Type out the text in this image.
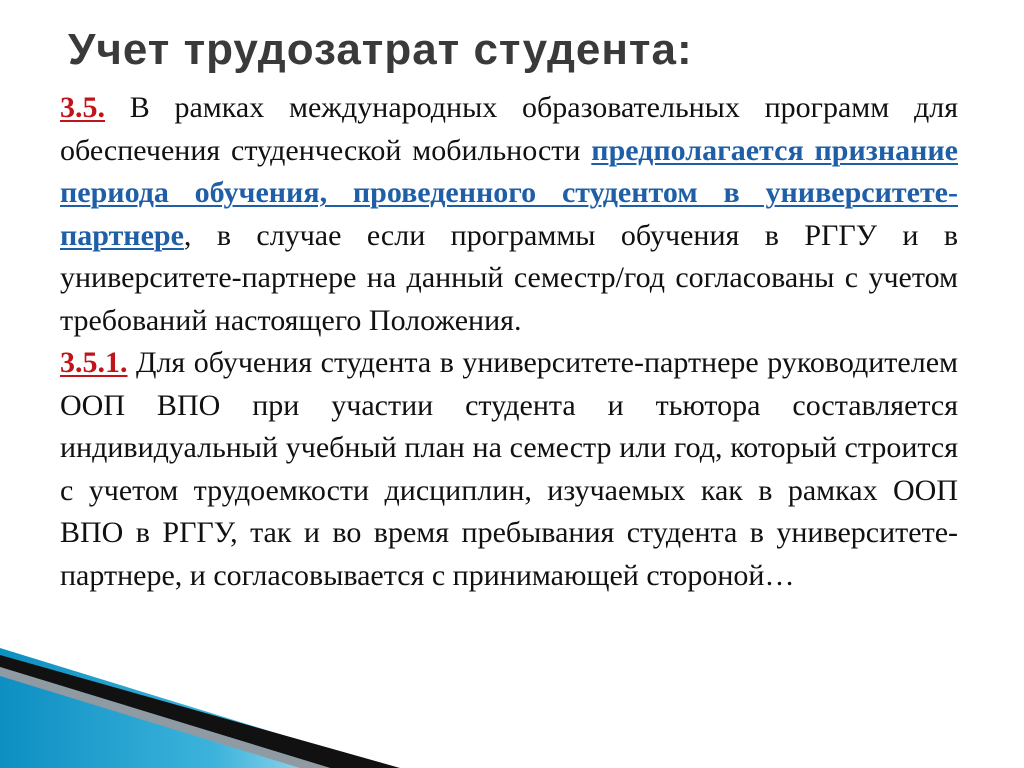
Учет трудозатрат студента:

3.5. В рамках международных образовательных программ для обеспечения студенческой мобильности предполагается признание периода обучения, проведенного студентом в университете-партнере, в случае если программы обучения в РГГУ и в университете-партнере на данный семестр/год согласованы с учетом требований настоящего Положения.

3.5.1. Для обучения студента в университете-партнере руководителем ООП ВПО при участии студента и тьютора составляется индивидуальный учебный план на семестр или год, который строится с учетом трудоемкости дисциплин, изучаемых как в рамках ООП ВПО в РГГУ, так и во время пребывания студента в университете-партнере, и согласовывается с принимающей стороной…
